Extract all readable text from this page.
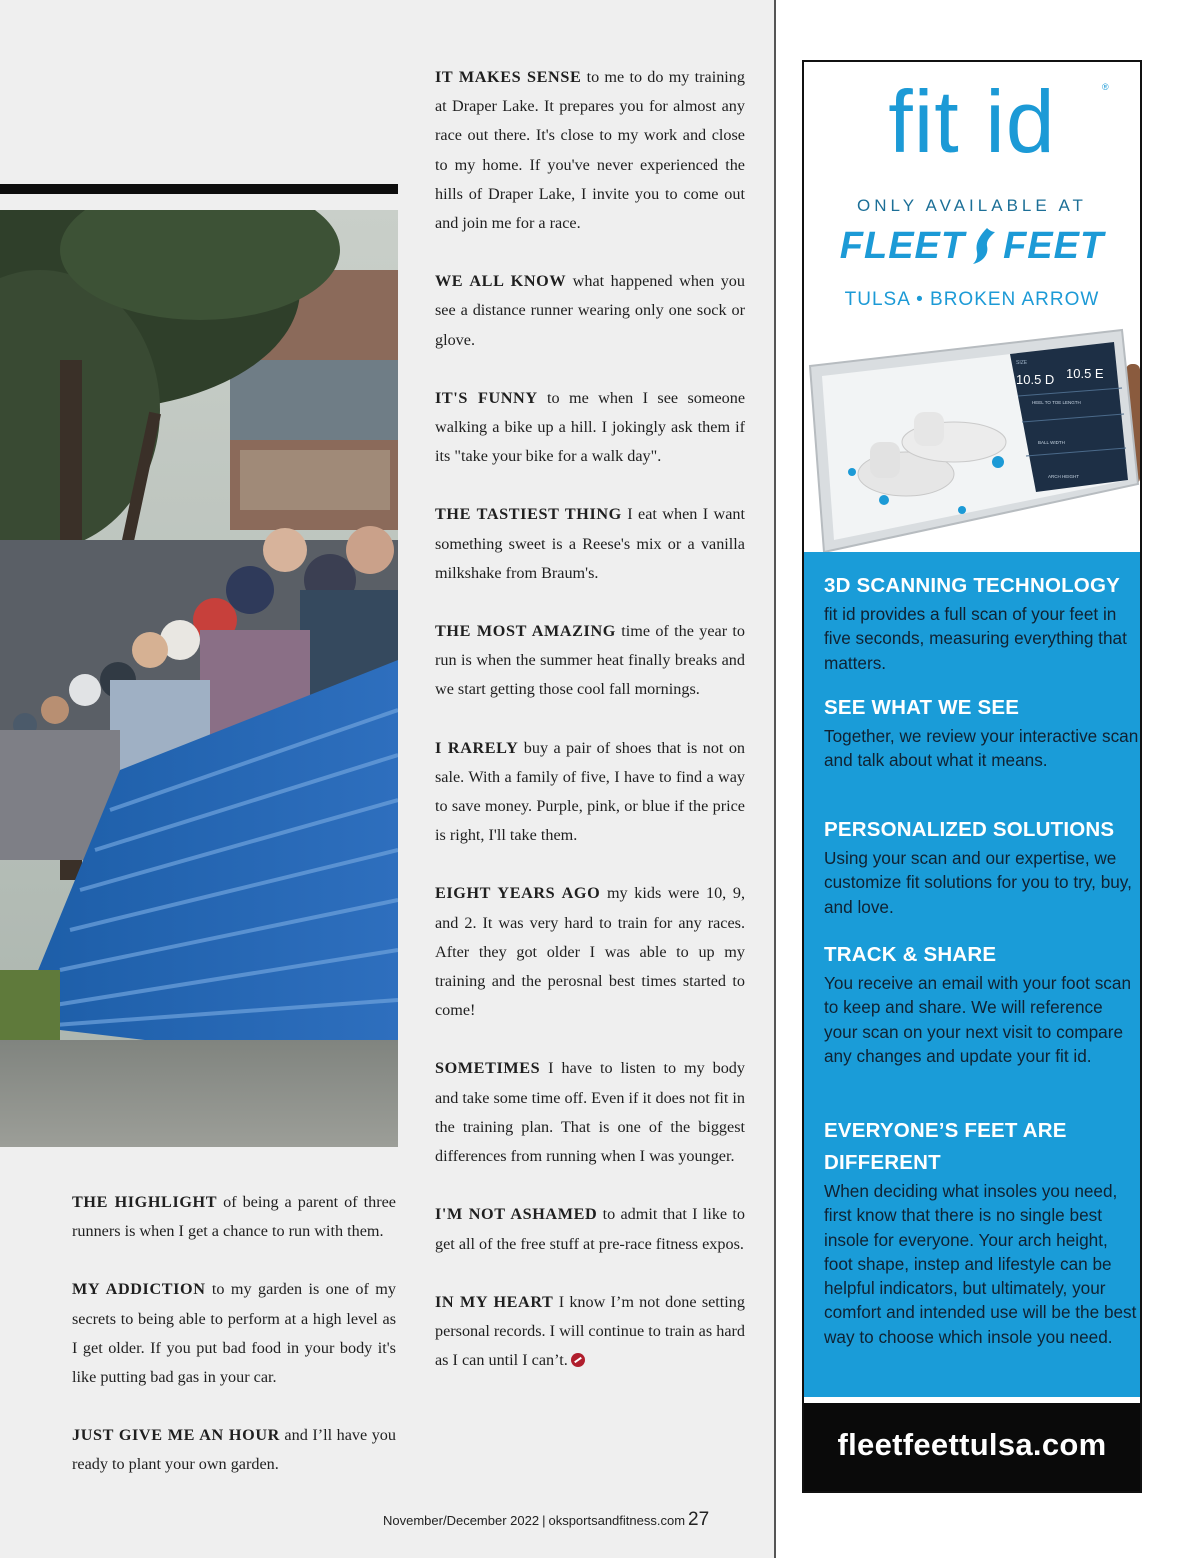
THE HIGHLIGHT of being a parent of three runners is when I get a chance to run with them.

MY ADDICTION to my garden is one of my secrets to being able to perform at a high level as I get older. If you put bad food in your body it's like putting bad gas in your car.

JUST GIVE ME AN HOUR and I’ll have you ready to plant your own garden.

IT MAKES SENSE to me to do my training at Draper Lake. It prepares you for almost any race out there. It's close to my work and close to my home. If you've never experienced the hills of Draper Lake, I invite you to come out and join me for a race.

WE ALL KNOW what happened when you see a distance runner wearing only one sock or glove.

IT'S FUNNY to me when I see someone walking a bike up a hill. I jokingly ask them if its "take your bike for a walk day".

THE TASTIEST THING I eat when I want something sweet is a Reese's mix or a vanilla milkshake from Braum's.

THE MOST AMAZING time of the year to run is when the summer heat finally breaks and we start getting those cool fall mornings.

I RARELY buy a pair of shoes that is not on sale. With a family of five, I have to find a way to save money. Purple, pink, or blue if the price is right, I'll take them.

EIGHT YEARS AGO my kids were 10, 9, and 2. It was very hard to train for any races. After they got older I was able to up my training and the perosnal best times started to come!

SOMETIMES I have to listen to my body and take some time off. Even if it does not fit in the training plan. That is one of the biggest differences from running when I was younger.

I'M NOT ASHAMED to admit that I like to get all of the free stuff at pre-race fitness expos.

IN MY HEART I know I’m not done setting personal records. I will continue to train as hard as I can until I can’t.

November/December 2022 | oksportsandfitness.com 27
fit id	®
ONLY AVAILABLE AT
FLEET FEET
TULSA • BROKEN ARROW
SIZE
10.5 D 10.5 E
HEEL TO TOE LENGTH
BALL WIDTH
ARCH HEIGHT
3D SCANNING TECHNOLOGY
fit id provides a full scan of your feet in five seconds, measuring everything that matters.
SEE WHAT WE SEE
Together, we review your interactive scan and talk about what it means.
PERSONALIZED SOLUTIONS
Using your scan and our expertise, we customize fit solutions for you to try, buy, and love.
TRACK & SHARE
You receive an email with your foot scan to keep and share. We will reference your scan on your next visit to compare any changes and update your fit id.
EVERYONE’S FEET ARE DIFFERENT
When deciding what insoles you need, first know that there is no single best insole for everyone. Your arch height, foot shape, instep and lifestyle can be helpful indicators, but ultimately, your comfort and intended use will be the best way to choose which insole you need.
fleetfeettulsa.com
